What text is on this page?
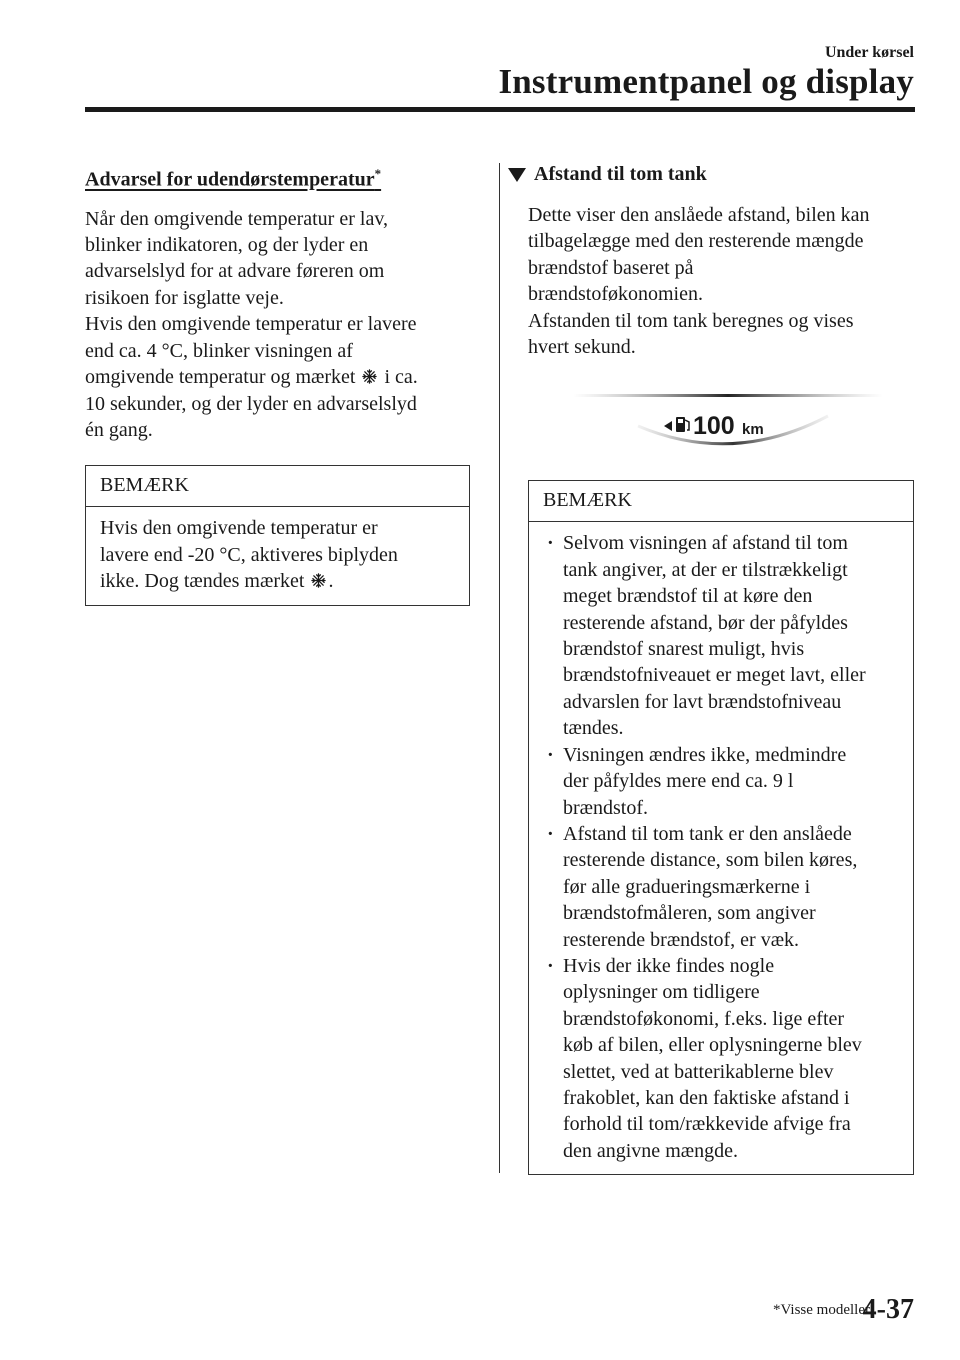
Under kørsel
Instrumentpanel og display
Advarsel for udendørstemperatur*

Når den omgivende temperatur er lav,

blinker indikatoren, og der lyder en

advarselslyd for at advare føreren om

risikoen for isglatte veje.

Hvis den omgivende temperatur er lavere

end ca. 4 °C, blinker visningen af

omgivende temperatur og mærket i ca.

10 sekunder, og der lyder en advarselslyd

én gang.

BEMÆRK

Hvis den omgivende temperatur er

lavere end -20 °C, aktiveres biplyden

ikke. Dog tændes mærket .

Afstand til tom tank

Dette viser den anslåede afstand, bilen kan

tilbagelægge med den resterende mængde

brændstof baseret på

brændstoføkonomien.

Afstanden til tom tank beregnes og vises

hvert sekund.

100 km
BEMÆRK
· Selvom visningen af afstand til tom
tank angiver, at der er tilstrækkeligt
meget brændstof til at køre den
resterende afstand, bør der påfyldes
brændstof snarest muligt, hvis
brændstofniveauet er meget lavt, eller
advarslen for lavt brændstofniveau
tændes.
· Visningen ændres ikke, medmindre
der påfyldes mere end ca. 9 l
brændstof.
· Afstand til tom tank er den anslåede
resterende distance, som bilen køres,
før alle gradueringsmærkerne i
brændstofmåleren, som angiver
resterende brændstof, er væk.
· Hvis der ikke findes nogle
oplysninger om tidligere
brændstoføkonomi, f.eks. lige efter
køb af bilen, eller oplysningerne blev
slettet, ved at batterikablerne blev
frakoblet, kan den faktiske afstand i
forhold til tom/rækkevide afvige fra
den angivne mængde.
*Visse modeller.
4-37
